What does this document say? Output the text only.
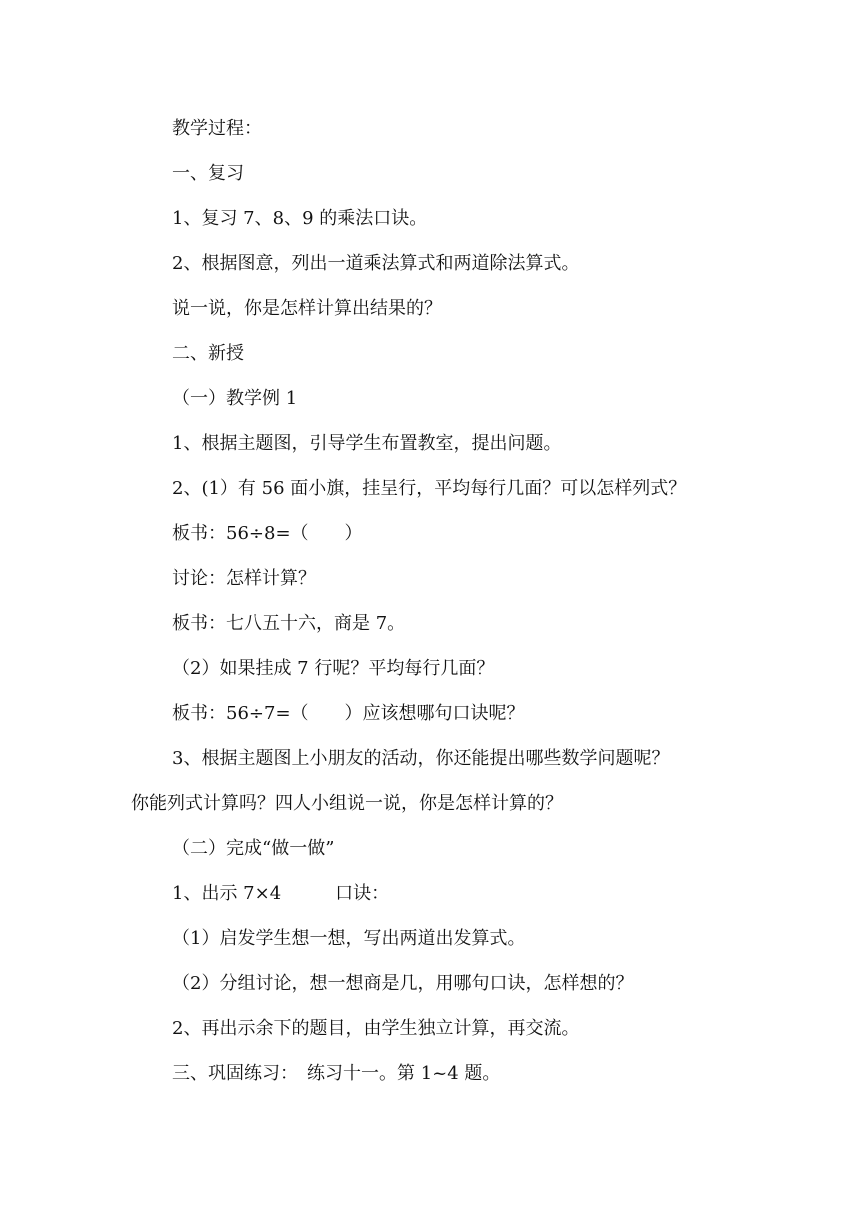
教学过程：

一、复习

1、复习 7、8、9 的乘法口诀。

2、根据图意，列出一道乘法算式和两道除法算式。

说一说，你是怎样计算出结果的？

二、新授

（一）教学例 1

1、根据主题图，引导学生布置教室，提出问题。

2、(1）有 56 面小旗，挂呈行，平均每行几面？可以怎样列式？

板书：56÷8=（　　）

讨论：怎样计算？

板书：七八五十六，商是 7。

（2）如果挂成 7 行呢？平均每行几面？

板书：56÷7=（　　）应该想哪句口诀呢？

3、根据主题图上小朋友的活动，你还能提出哪些数学问题呢？

你能列式计算吗？四人小组说一说，你是怎样计算的？

（二）完成“做一做”

1、出示 7×4　　　口诀：

（1）启发学生想一想，写出两道出发算式。

（2）分组讨论，想一想商是几，用哪句口诀，怎样想的？

2、再出示余下的题目，由学生独立计算，再交流。

三、巩固练习：　练习十一。第 1~4 题。
